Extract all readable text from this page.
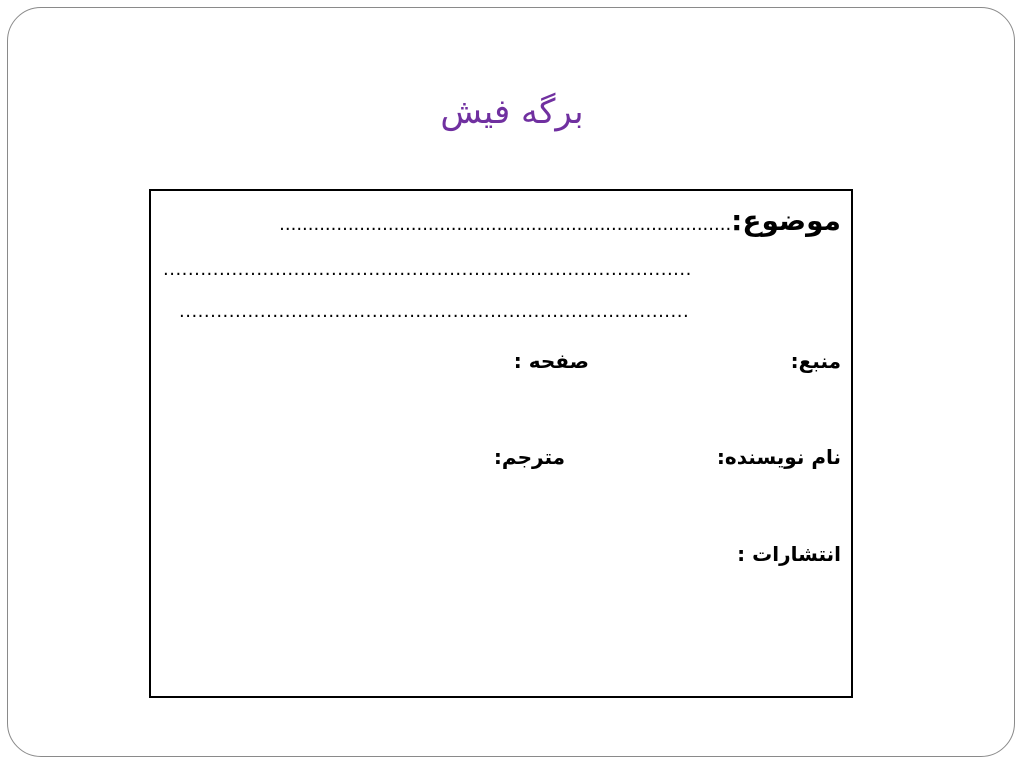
برگه فیش
موضوع:...............................................................................
.....................................................................................
..................................................................................
منبع:
صفحه :
نام نویسنده:
مترجم:
انتشارات :
